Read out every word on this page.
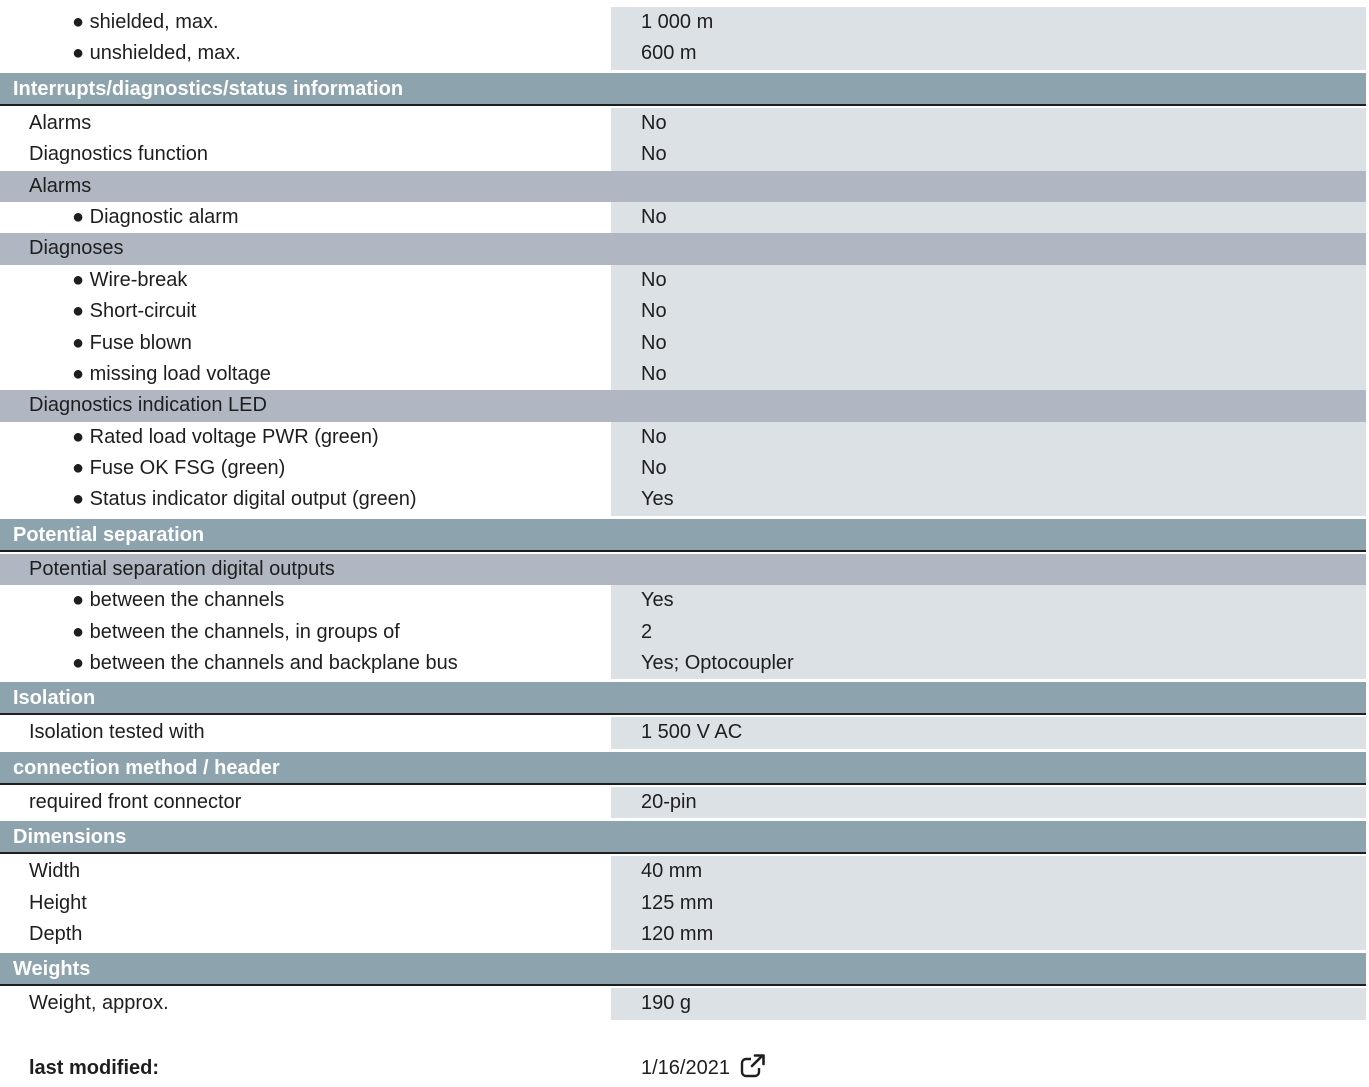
● shielded, max.	1 000 m
● unshielded, max.	600 m
Interrupts/diagnostics/status information
Alarms	No
Diagnostics function	No
Alarms
● Diagnostic alarm	No
Diagnoses
● Wire-break	No
● Short-circuit	No
● Fuse blown	No
● missing load voltage	No
Diagnostics indication LED
● Rated load voltage PWR (green)	No
● Fuse OK FSG (green)	No
● Status indicator digital output (green)	Yes
Potential separation
Potential separation digital outputs
● between the channels	Yes
● between the channels, in groups of	2
● between the channels and backplane bus	Yes; Optocoupler
Isolation
Isolation tested with	1 500 V AC
connection method / header
required front connector	20-pin
Dimensions
Width	40 mm
Height	125 mm
Depth	120 mm
Weights
Weight, approx.	190 g
last modified:	1/16/2021
